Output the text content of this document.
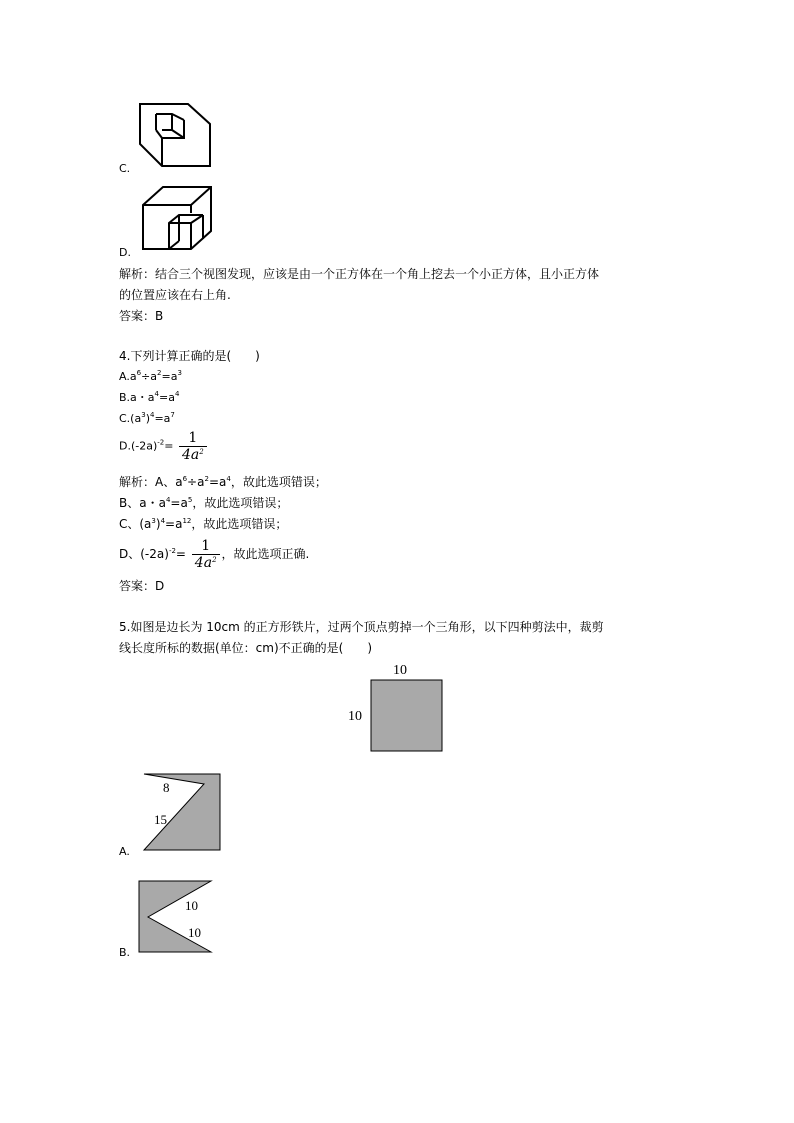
C.
D.
解析：结合三个视图发现，应该是由一个正方体在一个角上挖去一个小正方体，且小正方体
的位置应该在右上角.
答案：B
4.下列计算正确的是(　　)
$A.a^6\div a^2=a^3$
B.a・$a^4=a^4$
$C.(a^3)^4=a^7$
$D.(-2a)^{-2}= \frac{1}{4a^2}$
解析：A、$a^6\div a^2=a^4$，故此选项错误；
B、a・$a^4=a^5$，故此选项错误；
C、$(a^3)^4=a^{12}$，故此选项错误；
D、$(-2a)^{-2}= \frac{1}{4a^2}$ ，故此选项正确.
答案：D
5.如图是边长为 10cm 的正方形铁片，过两个顶点剪掉一个三角形，以下四种剪法中，裁剪
线长度所标的数据(单位：cm)不正确的是(　　)
10
10
8
15
A.
10
10
B.
